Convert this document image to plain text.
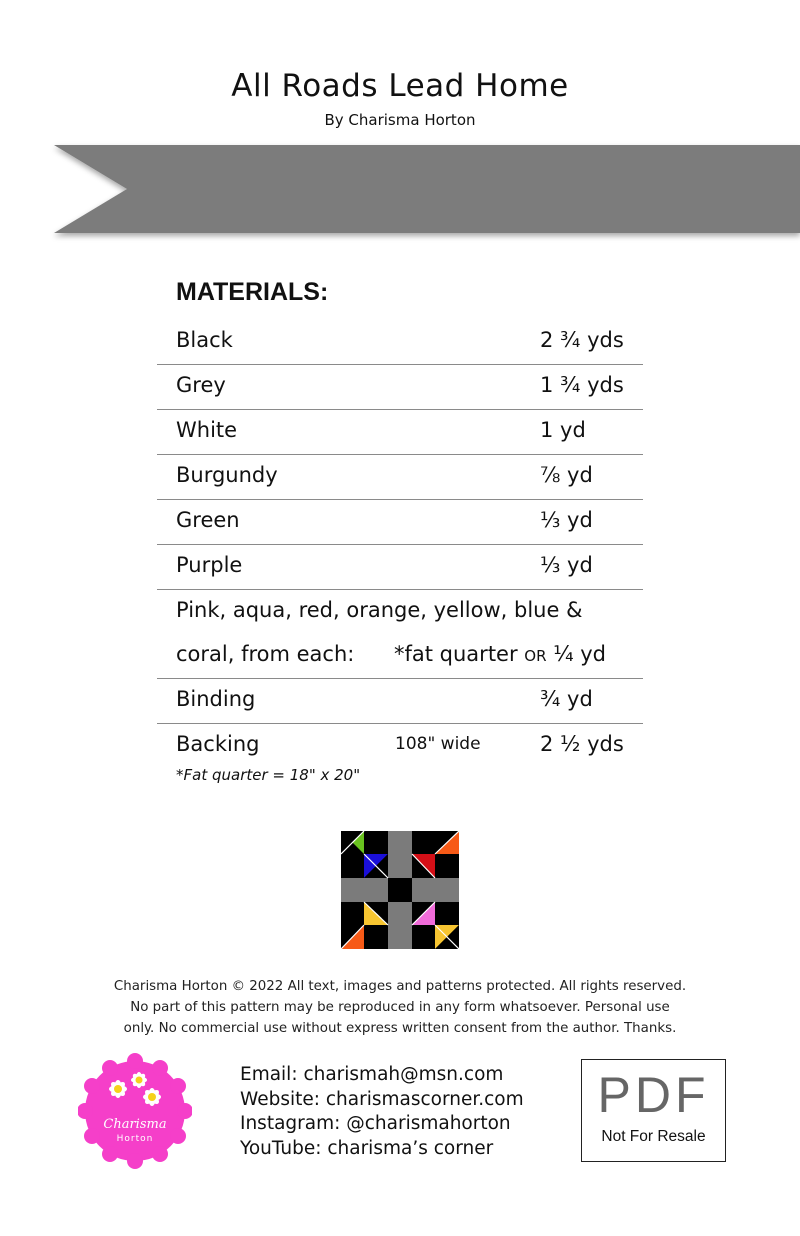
All Roads Lead Home
By Charisma Horton
MATERIALS:
Black	2 ¾ yds
Grey	1 ¾ yds
White	1 yd
Burgundy	⅞ yd
Green	⅓ yd
Purple	⅓ yd
Pink, aqua, red, orange, yellow, blue &
coral, from each: *fat quarter OR ¼ yd
Binding	¾ yd
Backing	108" wide	2 ½ yds
*Fat quarter = 18" x 20"
Charisma Horton © 2022 All text, images and patterns protected. All rights reserved.
No part of this pattern may be reproduced in any form whatsoever. Personal use
only. No commercial use without express written consent from the author. Thanks.
Charisma
Horton
Email: charismah@msn.com
Website: charismascorner.com
Instagram: @charismahorton
YouTube: charisma’s corner
PDF
Not For Resale
